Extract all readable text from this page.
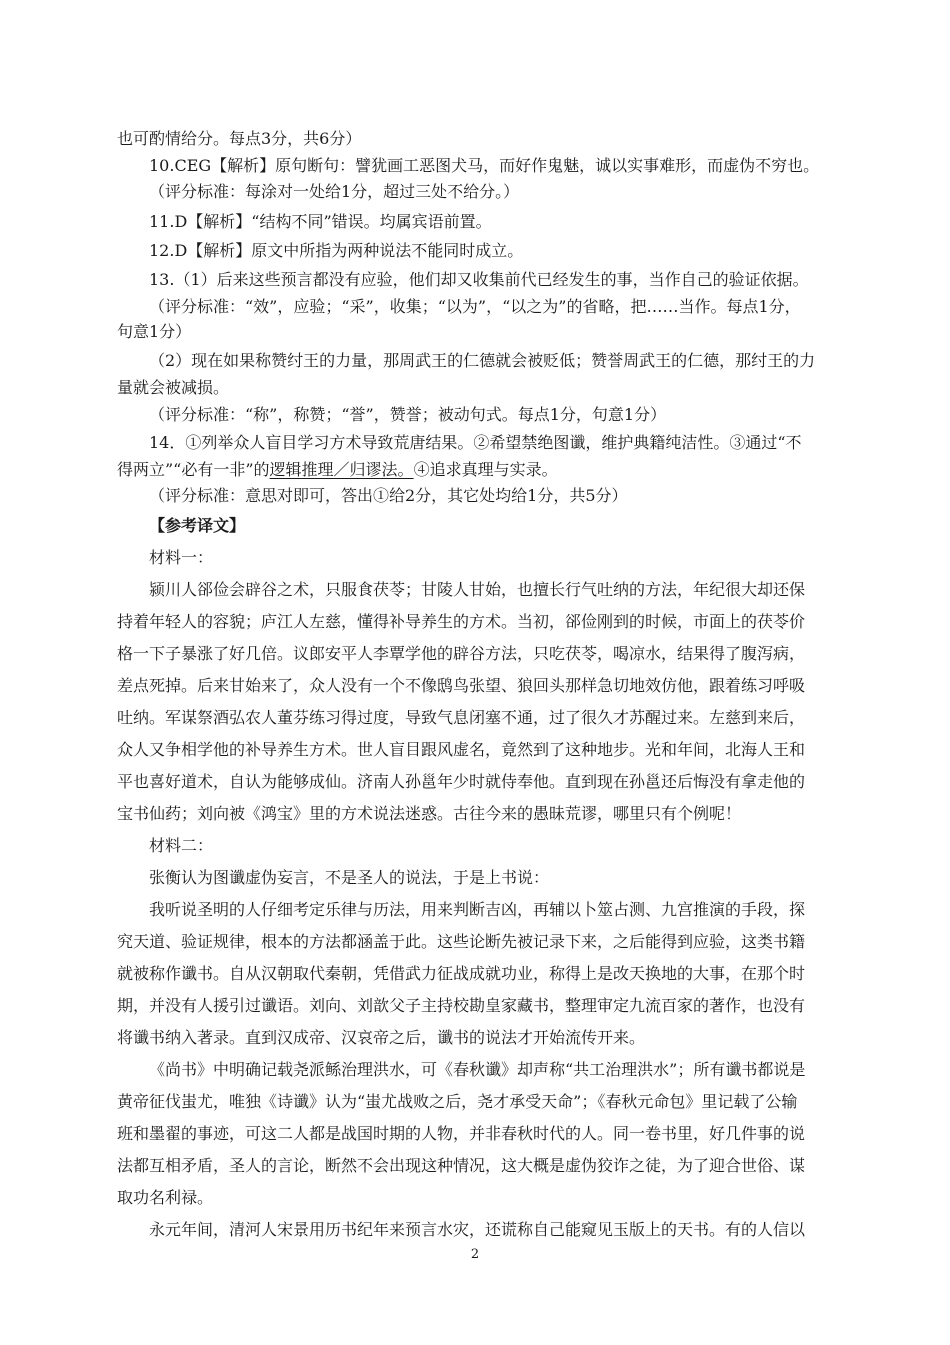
也可酌情给分。每点3分，共6分）
10.CEG【解析】原句断句：譬犹画工恶图犬马，而好作鬼魅，诚以实事难形，而虚伪不穷也。
（评分标准：每涂对一处给1分，超过三处不给分。）
11.D【解析】“结构不同”错误。均属宾语前置。
12.D【解析】原文中所指为两种说法不能同时成立。
13.（1）后来这些预言都没有应验，他们却又收集前代已经发生的事，当作自己的验证依据。
（评分标准：“效”，应验；“采”，收集；“以为”，“以之为”的省略，把……当作。每点1分，
句意1分）
（2）现在如果称赞纣王的力量，那周武王的仁德就会被贬低；赞誉周武王的仁德，那纣王的力
量就会被减损。
（评分标准：“称”，称赞；“誉”，赞誉；被动句式。每点1分，句意1分）
14．①列举众人盲目学习方术导致荒唐结果。②希望禁绝图谶，维护典籍纯洁性。③通过“不
得两立”“必有一非”的逻辑推理／归谬法。④追求真理与实录。
（评分标准：意思对即可，答出①给2分，其它处均给1分，共5分）
【参考译文】
材料一：
颍川人郤俭会辟谷之术，只服食茯苓；甘陵人甘始，也擅长行气吐纳的方法，年纪很大却还保
持着年轻人的容貌；庐江人左慈，懂得补导养生的方术。当初，郤俭刚到的时候，市面上的茯苓价
格一下子暴涨了好几倍。议郎安平人李覃学他的辟谷方法，只吃茯苓，喝凉水，结果得了腹泻病，
差点死掉。后来甘始来了，众人没有一个不像鸱鸟张望、狼回头那样急切地效仿他，跟着练习呼吸
吐纳。军谋祭酒弘农人董芬练习得过度，导致气息闭塞不通，过了很久才苏醒过来。左慈到来后，
众人又争相学他的补导养生方术。世人盲目跟风虚名，竟然到了这种地步。光和年间，北海人王和
平也喜好道术，自认为能够成仙。济南人孙邕年少时就侍奉他。直到现在孙邕还后悔没有拿走他的
宝书仙药；刘向被《鸿宝》里的方术说法迷惑。古往今来的愚昧荒谬，哪里只有个例呢！
材料二：
张衡认为图谶虚伪妄言，不是圣人的说法，于是上书说：
我听说圣明的人仔细考定乐律与历法，用来判断吉凶，再辅以卜筮占测、九宫推演的手段，探
究天道、验证规律，根本的方法都涵盖于此。这些论断先被记录下来，之后能得到应验，这类书籍
就被称作谶书。自从汉朝取代秦朝，凭借武力征战成就功业，称得上是改天换地的大事，在那个时
期，并没有人援引过谶语。刘向、刘歆父子主持校勘皇家藏书，整理审定九流百家的著作，也没有
将谶书纳入著录。直到汉成帝、汉哀帝之后，谶书的说法才开始流传开来。
《尚书》中明确记载尧派鲧治理洪水，可《春秋谶》却声称“共工治理洪水”；所有谶书都说是
黄帝征伐蚩尤，唯独《诗谶》认为“蚩尤战败之后，尧才承受天命”；《春秋元命包》里记载了公输
班和墨翟的事迹，可这二人都是战国时期的人物，并非春秋时代的人。同一卷书里，好几件事的说
法都互相矛盾，圣人的言论，断然不会出现这种情况，这大概是虚伪狡诈之徒，为了迎合世俗、谋
取功名利禄。
永元年间，清河人宋景用历书纪年来预言水灾，还谎称自己能窥见玉版上的天书。有的人信以
2
